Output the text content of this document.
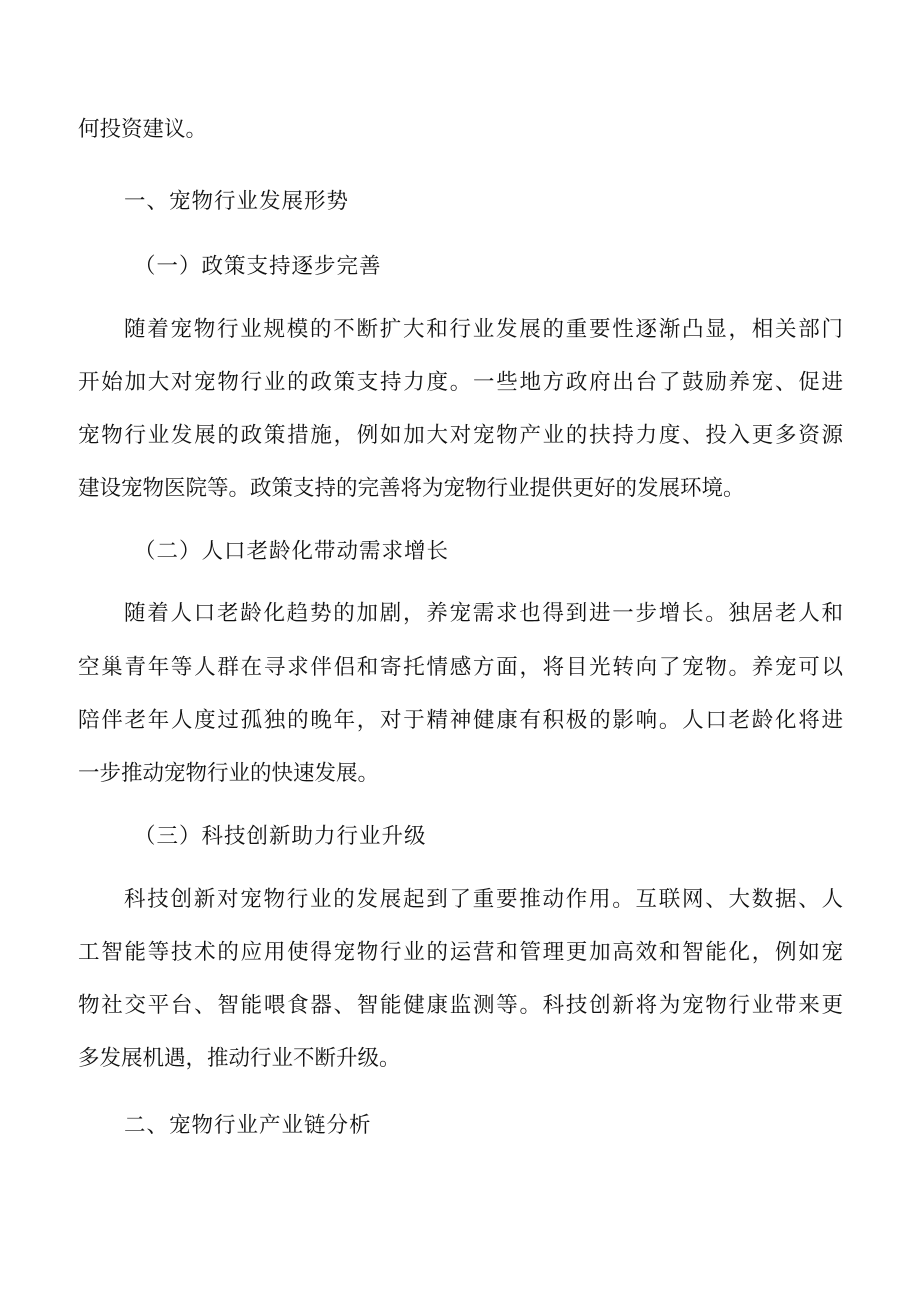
何投资建议。
一、宠物行业发展形势
（一）政策支持逐步完善
随着宠物行业规模的不断扩大和行业发展的重要性逐渐凸显，相关部门
开始加大对宠物行业的政策支持力度。一些地方政府出台了鼓励养宠、促进
宠物行业发展的政策措施，例如加大对宠物产业的扶持力度、投入更多资源
建设宠物医院等。政策支持的完善将为宠物行业提供更好的发展环境。
（二）人口老龄化带动需求增长
随着人口老龄化趋势的加剧，养宠需求也得到进一步增长。独居老人和
空巢青年等人群在寻求伴侣和寄托情感方面，将目光转向了宠物。养宠可以
陪伴老年人度过孤独的晚年，对于精神健康有积极的影响。人口老龄化将进
一步推动宠物行业的快速发展。
（三）科技创新助力行业升级
科技创新对宠物行业的发展起到了重要推动作用。互联网、大数据、人
工智能等技术的应用使得宠物行业的运营和管理更加高效和智能化，例如宠
物社交平台、智能喂食器、智能健康监测等。科技创新将为宠物行业带来更
多发展机遇，推动行业不断升级。
二、宠物行业产业链分析
